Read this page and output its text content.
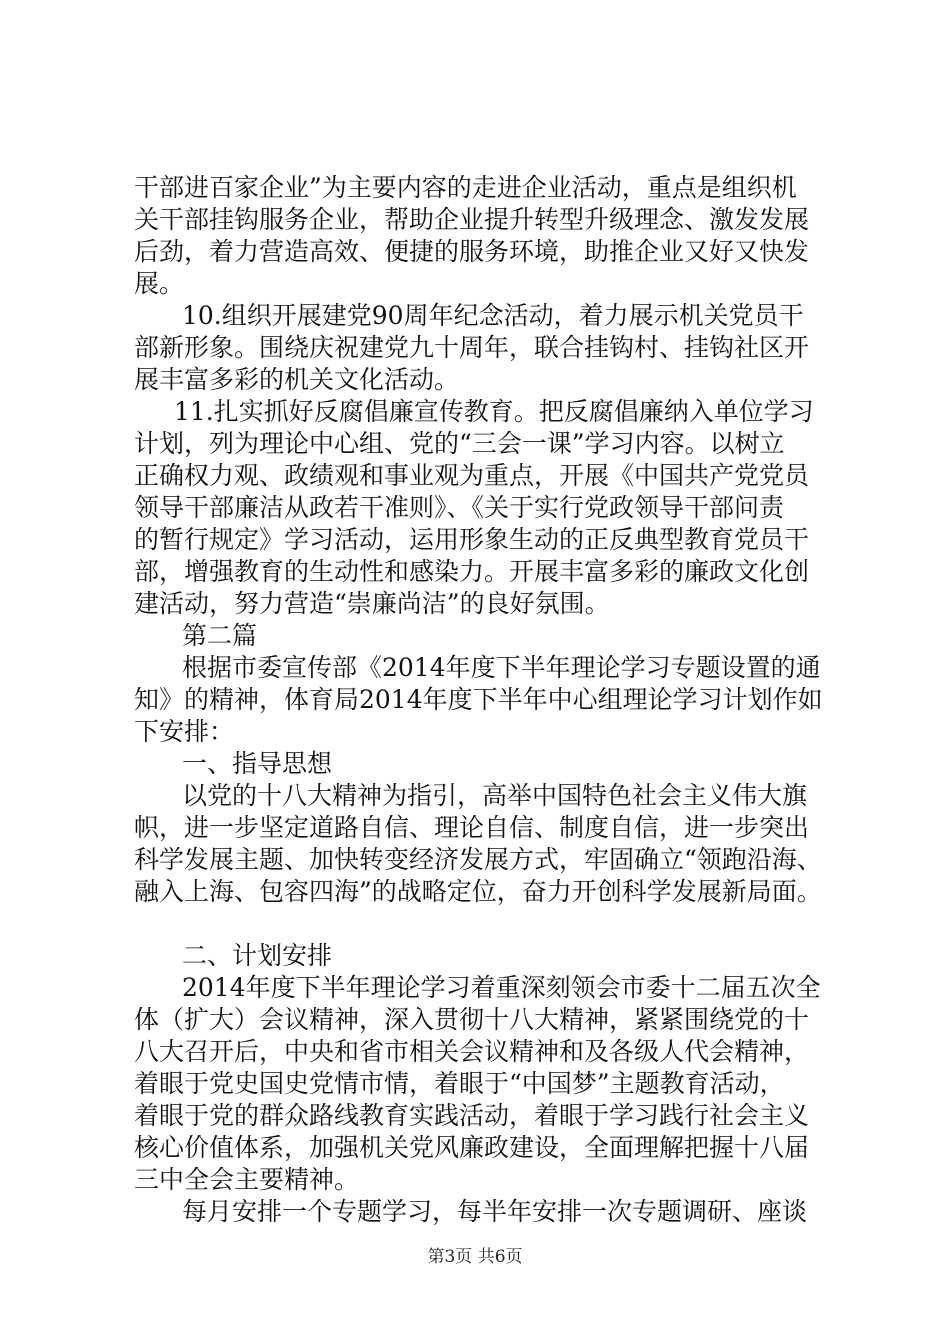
干部进百家企业”为主要内容的走进企业活动，重点是组织机
关干部挂钩服务企业，帮助企业提升转型升级理念、激发发展
后劲，着力营造高效、便捷的服务环境，助推企业又好又快发
展。
10.组织开展建党90周年纪念活动，着力展示机关党员干
部新形象。围绕庆祝建党九十周年，联合挂钩村、挂钩社区开
展丰富多彩的机关文化活动。
11.扎实抓好反腐倡廉宣传教育。把反腐倡廉纳入单位学习
计划，列为理论中心组、党的“三会一课”学习内容。以树立
正确权力观、政绩观和事业观为重点，开展《中国共产党党员
领导干部廉洁从政若干准则》、《关于实行党政领导干部问责
的暂行规定》学习活动，运用形象生动的正反典型教育党员干
部，增强教育的生动性和感染力。开展丰富多彩的廉政文化创
建活动，努力营造“崇廉尚洁”的良好氛围。
第二篇
根据市委宣传部《2014年度下半年理论学习专题设置的通
知》的精神，体育局2014年度下半年中心组理论学习计划作如
下安排：
一、指导思想
以党的十八大精神为指引，高举中国特色社会主义伟大旗
帜，进一步坚定道路自信、理论自信、制度自信，进一步突出
科学发展主题、加快转变经济发展方式，牢固确立“领跑沿海、
融入上海、包容四海”的战略定位，奋力开创科学发展新局面。
二、计划安排
2014年度下半年理论学习着重深刻领会市委十二届五次全
体（扩大）会议精神，深入贯彻十八大精神，紧紧围绕党的十
八大召开后，中央和省市相关会议精神和及各级人代会精神，
着眼于党史国史党情市情，着眼于“中国梦”主题教育活动，
着眼于党的群众路线教育实践活动，着眼于学习践行社会主义
核心价值体系，加强机关党风廉政建设，全面理解把握十八届
三中全会主要精神。
每月安排一个专题学习，每半年安排一次专题调研、座谈
第3页 共6页
